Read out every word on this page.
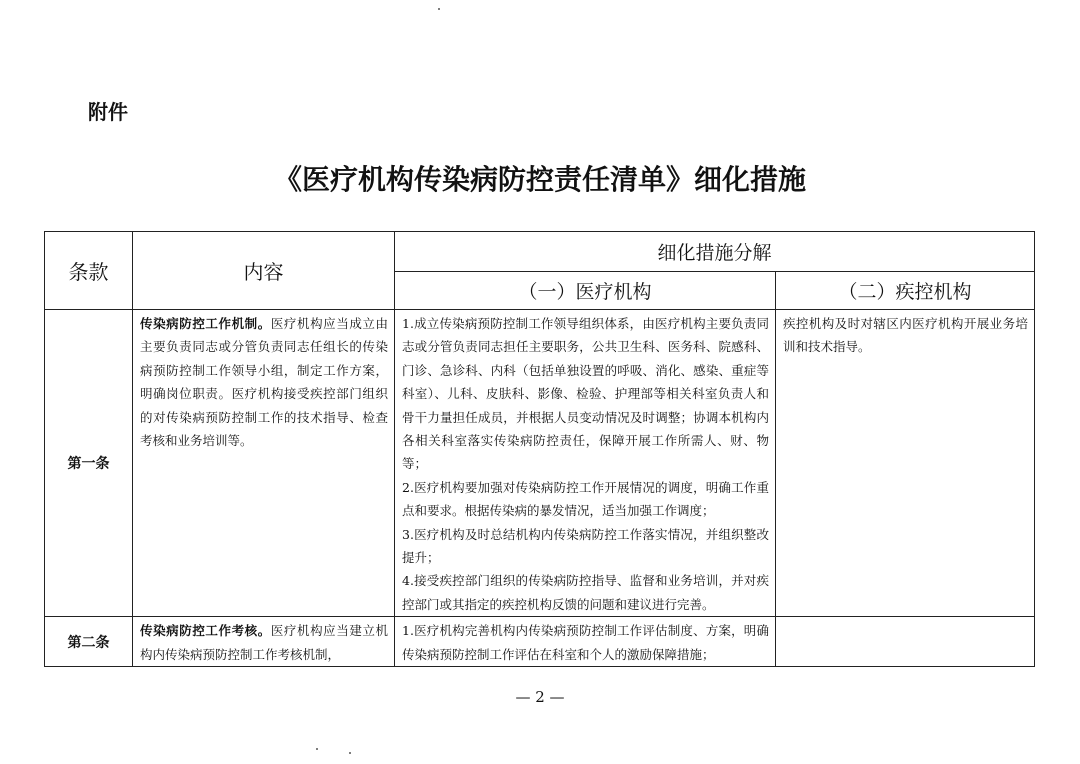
附件
《医疗机构传染病防控责任清单》细化措施
条款	内容	细化措施分解	
		（一）医疗机构	（二）疾控机构
第一条	传染病防控工作机制。医疗机构应当成立由主要负责同志或分管负责同志任组长的传染病预防控制工作领导小组，制定工作方案，明确岗位职责。医疗机构接受疾控部门组织的对传染病预防控制工作的技术指导、检查考核和业务培训等。	1.成立传染病预防控制工作领导组织体系，由医疗机构主要负责同志或分管负责同志担任主要职务，公共卫生科、医务科、院感科、门诊、急诊科、内科（包括单独设置的呼吸、消化、感染、重症等科室）、儿科、皮肤科、影像、检验、护理部等相关科室负责人和骨干力量担任成员，并根据人员变动情况及时调整；协调本机构内各相关科室落实传染病防控责任，保障开展工作所需人、财、物等；
2.医疗机构要加强对传染病防控工作开展情况的调度，明确工作重点和要求。根据传染病的暴发情况，适当加强工作调度；
3.医疗机构及时总结机构内传染病防控工作落实情况，并组织整改提升；
4.接受疾控部门组织的传染病防控指导、监督和业务培训，并对疾控部门或其指定的疾控机构反馈的问题和建议进行完善。	疾控机构及时对辖区内医疗机构开展业务培训和技术指导。

第二条	传染病防控工作考核。医疗机构应当建立机构内传染病预防控制工作考核机制，	1.医疗机构完善机构内传染病预防控制工作评估制度、方案，明确传染病预防控制工作评估在科室和个人的激励保障措施；	

— 2 —
